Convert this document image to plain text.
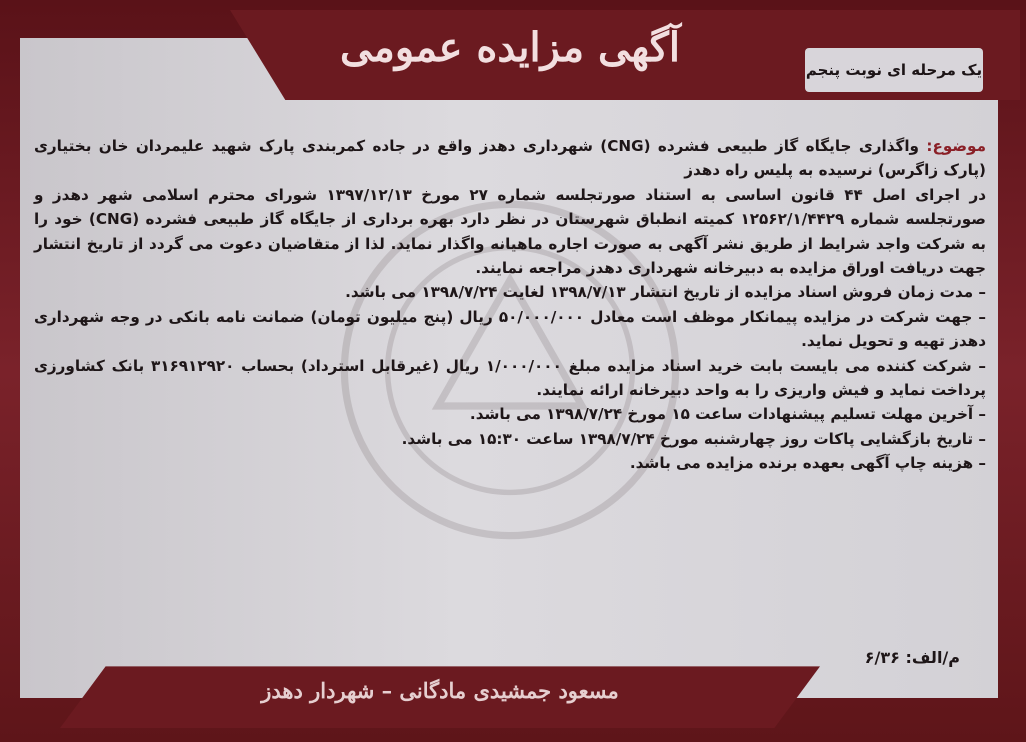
آگهی مزایده عمومی	یک مرحله ای نوبت پنجم

موضوع: واگذاری جایگاه گاز طبیعی فشرده (CNG) شهرداری دهدز واقع در جاده کمربندی پارک شهید علیمردان خان بختیاری (پارک زاگرس) نرسیده به پلیس راه دهدز

در اجرای اصل ۴۴ قانون اساسی به استناد صورتجلسه شماره ۲۷ مورخ ۱۳۹۷/۱۲/۱۳ شورای محترم اسلامی شهر دهدز و صورتجلسه شماره ۱۲۵۶۲/۱/۴۴۲۹ کمیته انطباق شهرستان در نظر دارد بهره برداری از جایگاه گاز طبیعی فشرده (CNG) خود را به شرکت واجد شرایط از طریق نشر آگهی به صورت اجاره ماهیانه واگذار نماید. لذا از متقاضیان دعوت می گردد از تاریخ انتشار جهت دریافت اوراق مزایده به دبیرخانه شهرداری دهدز مراجعه نمایند.

– مدت زمان فروش اسناد مزایده از تاریخ انتشار ۱۳۹۸/۷/۱۳ لغایت ۱۳۹۸/۷/۲۴ می باشد.
– جهت شرکت در مزایده پیمانکار موظف است معادل ۵۰/۰۰۰/۰۰۰ ریال (پنج میلیون تومان) ضمانت نامه بانکی در وجه شهرداری دهدز تهیه و تحویل نماید.
– شرکت کننده می بایست بابت خرید اسناد مزایده مبلغ ۱/۰۰۰/۰۰۰ ریال (غیرقابل استرداد) بحساب ۳۱۶۹۱۲۹۲۰ بانک کشاورزی پرداخت نماید و فیش واریزی را به واحد دبیرخانه ارائه نمایند.
– آخرین مهلت تسلیم پیشنهادات ساعت ۱۵ مورخ ۱۳۹۸/۷/۲۴ می باشد.
– تاریخ بازگشایی پاکات روز چهارشنبه مورخ ۱۳۹۸/۷/۲۴ ساعت ۱۵:۳۰ می باشد.
– هزینه چاپ آگهی بعهده برنده مزایده می باشد.
م/الف: ۶/۳۶
مسعود جمشیدی مادگانی – شهردار دهدز
